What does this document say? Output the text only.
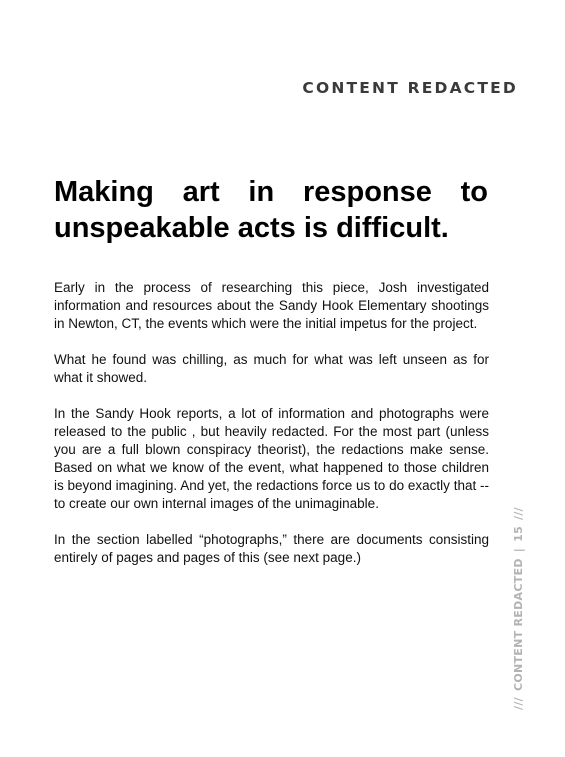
CONTENT REDACTED
Making art in response to unspeakable acts is difficult.

Early in the process of researching this piece, Josh investigated information and resources about the Sandy Hook Elementary shootings in Newton, CT, the events which were the initial impetus for the project.

What he found was chilling, as much for what was left unseen as for what it showed.

In the Sandy Hook reports, a lot of information and photographs were released to the public , but heavily redacted. For the most part (unless you are a full blown conspiracy theorist), the redactions make sense. Based on what we know of the event, what happened to those children is beyond imagining. And yet, the redactions force us to do exactly that -- to create our own internal images of the unimaginable.

In the section labelled “photographs,” there are documents consisting entirely of pages and pages of this (see next page.)

///
15
|
CONTENT REDACTED
///
